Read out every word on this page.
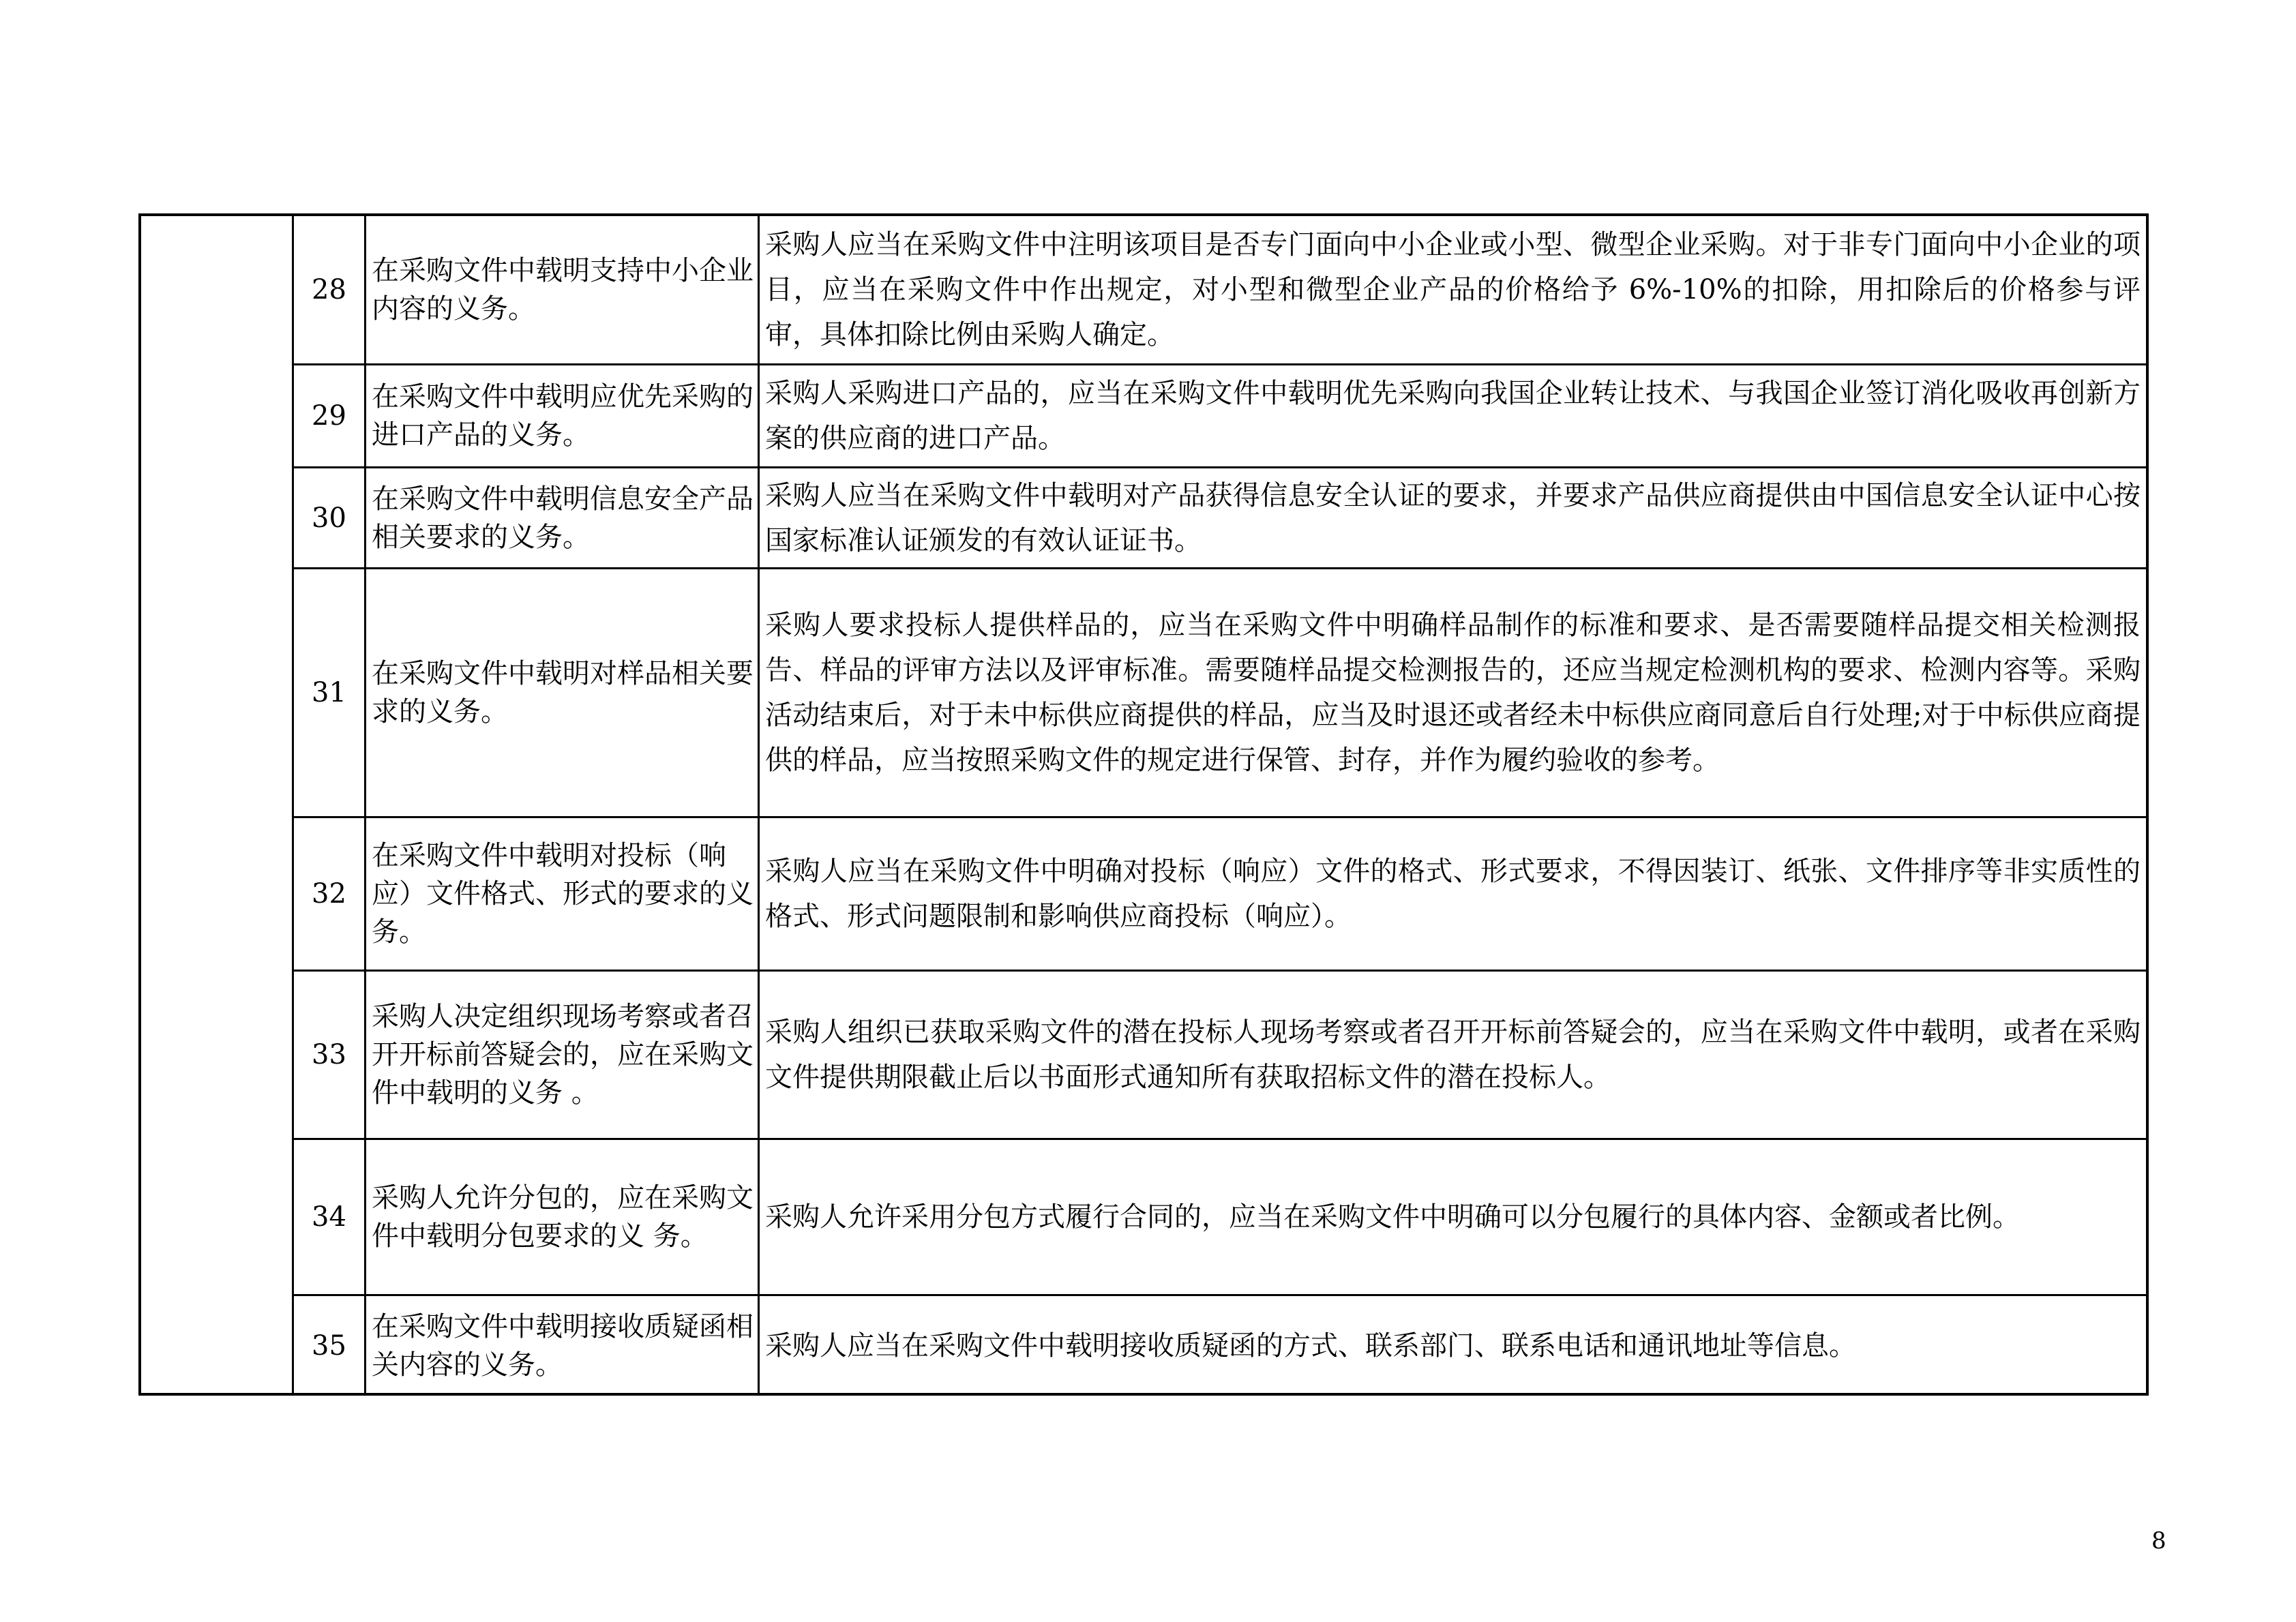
28
在采购文件中载明支持中小企业内容的义务。
采购人应当在采购文件中注明该项目是否专门面向中小企业或小型、微型企业采购。对于非专门面向中小企业的项目，应当在采购文件中作出规定，对小型和微型企业产品的价格给予 6%-10%的扣除，用扣除后的价格参与评审，具体扣除比例由采购人确定。
29
在采购文件中载明应优先采购的进口产品的义务。
采购人采购进口产品的，应当在采购文件中载明优先采购向我国企业转让技术、与我国企业签订消化吸收再创新方案的供应商的进口产品。
30
在采购文件中载明信息安全产品相关要求的义务。
采购人应当在采购文件中载明对产品获得信息安全认证的要求，并要求产品供应商提供由中国信息安全认证中心按国家标准认证颁发的有效认证证书。
31
在采购文件中载明对样品相关要求的义务。
采购人要求投标人提供样品的，应当在采购文件中明确样品制作的标准和要求、是否需要随样品提交相关检测报告、样品的评审方法以及评审标准。需要随样品提交检测报告的，还应当规定检测机构的要求、检测内容等。采购活动结束后，对于未中标供应商提供的样品，应当及时退还或者经未中标供应商同意后自行处理;对于中标供应商提供的样品，应当按照采购文件的规定进行保管、封存，并作为履约验收的参考。
32
在采购文件中载明对投标（响应）文件格式、形式的要求的义务。
采购人应当在采购文件中明确对投标（响应）文件的格式、形式要求，不得因装订、纸张、文件排序等非实质性的格式、形式问题限制和影响供应商投标（响应）。
33
采购人决定组织现场考察或者召开开标前答疑会的，应在采购文件中载明的义务 。
采购人组织已获取采购文件的潜在投标人现场考察或者召开开标前答疑会的，应当在采购文件中载明，或者在采购文件提供期限截止后以书面形式通知所有获取招标文件的潜在投标人。
34
采购人允许分包的，应在采购文件中载明分包要求的义 务。
采购人允许采用分包方式履行合同的，应当在采购文件中明确可以分包履行的具体内容、金额或者比例。
35
在采购文件中载明接收质疑函相关内容的义务。
采购人应当在采购文件中载明接收质疑函的方式、联系部门、联系电话和通讯地址等信息。
8
